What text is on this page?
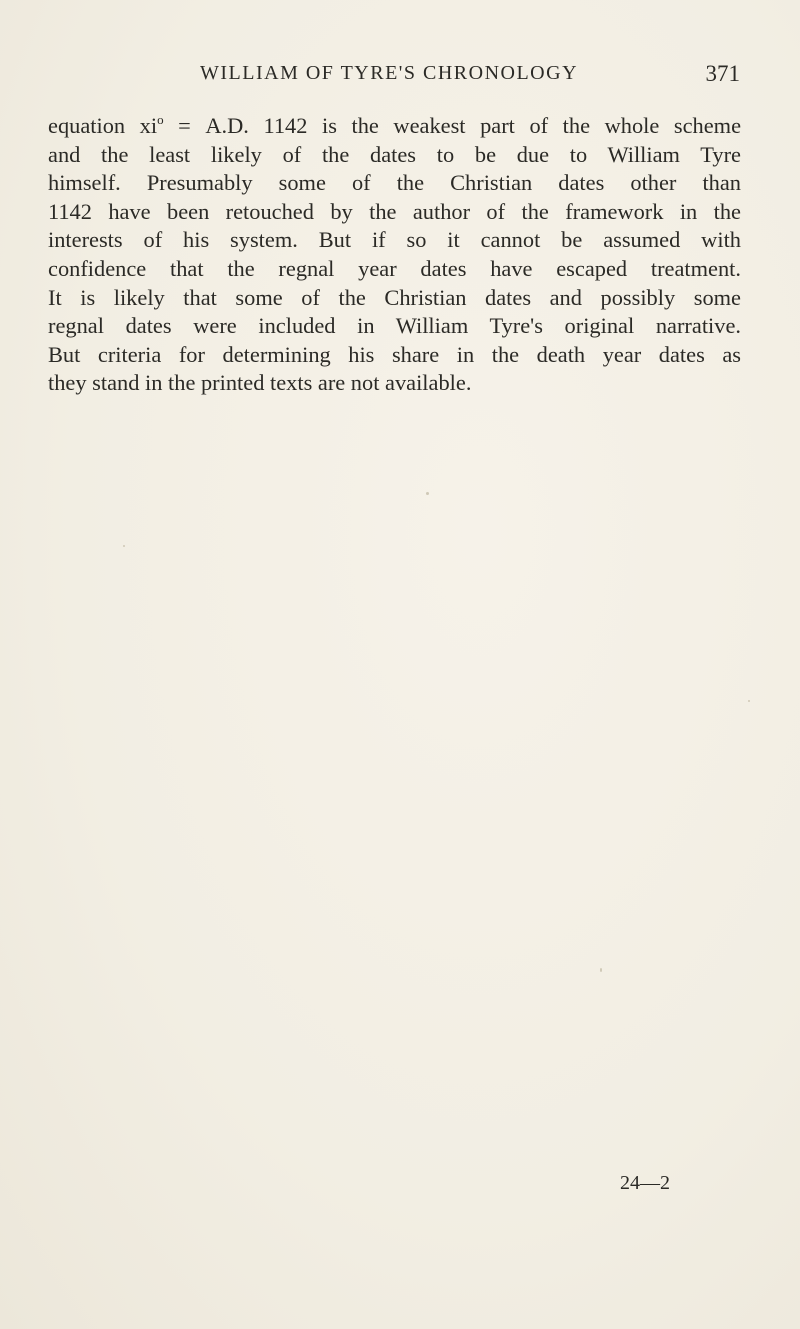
WILLIAM OF TYRE'S CHRONOLOGY	371
equation $xi^o = A.D$. 1142 is the weakest part of the whole scheme
and the least likely of the dates to be due to William Tyre
himself. Presumably some of the Christian dates other than
1142 have been retouched by the author of the framework in the
interests of his system. But if so it cannot be assumed with
confidence that the regnal year dates have escaped treatment.
It is likely that some of the Christian dates and possibly some
regnal dates were included in William Tyre's original narrative.
But criteria for determining his share in the death year dates as
they stand in the printed texts are not available.
24—2
